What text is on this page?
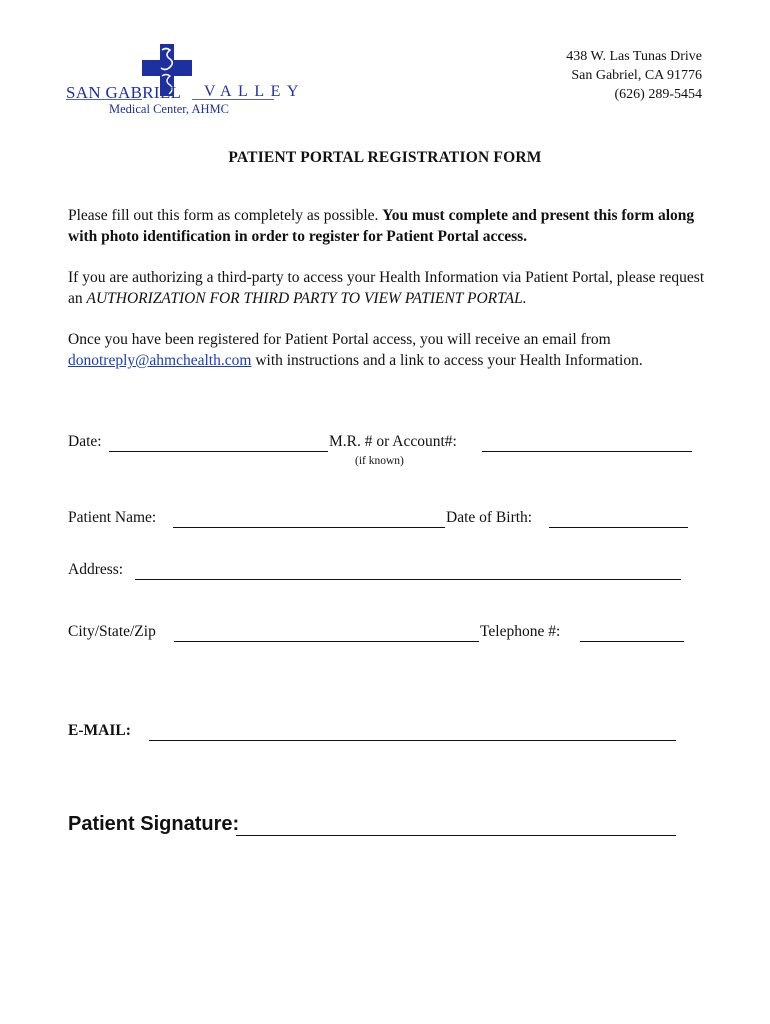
SAN GABRIEL VALLEY
Medical Center, AHMC
438 W. Las Tunas Drive
San Gabriel, CA 91776
(626) 289-5454
PATIENT PORTAL REGISTRATION FORM
Please fill out this form as completely as possible. You must complete and present this form along with photo identification in order to register for Patient Portal access.
If you are authorizing a third-party to access your Health Information via Patient Portal, please request an AUTHORIZATION FOR THIRD PARTY TO VIEW PATIENT PORTAL.
Once you have been registered for Patient Portal access, you will receive an email from donotreply@ahmchealth.com with instructions and a link to access your Health Information.
Date:	M.R. # or Account#:
(if known)
Patient Name:	Date of Birth:
Address:
City/State/Zip	Telephone #:
E-MAIL:
Patient Signature:
